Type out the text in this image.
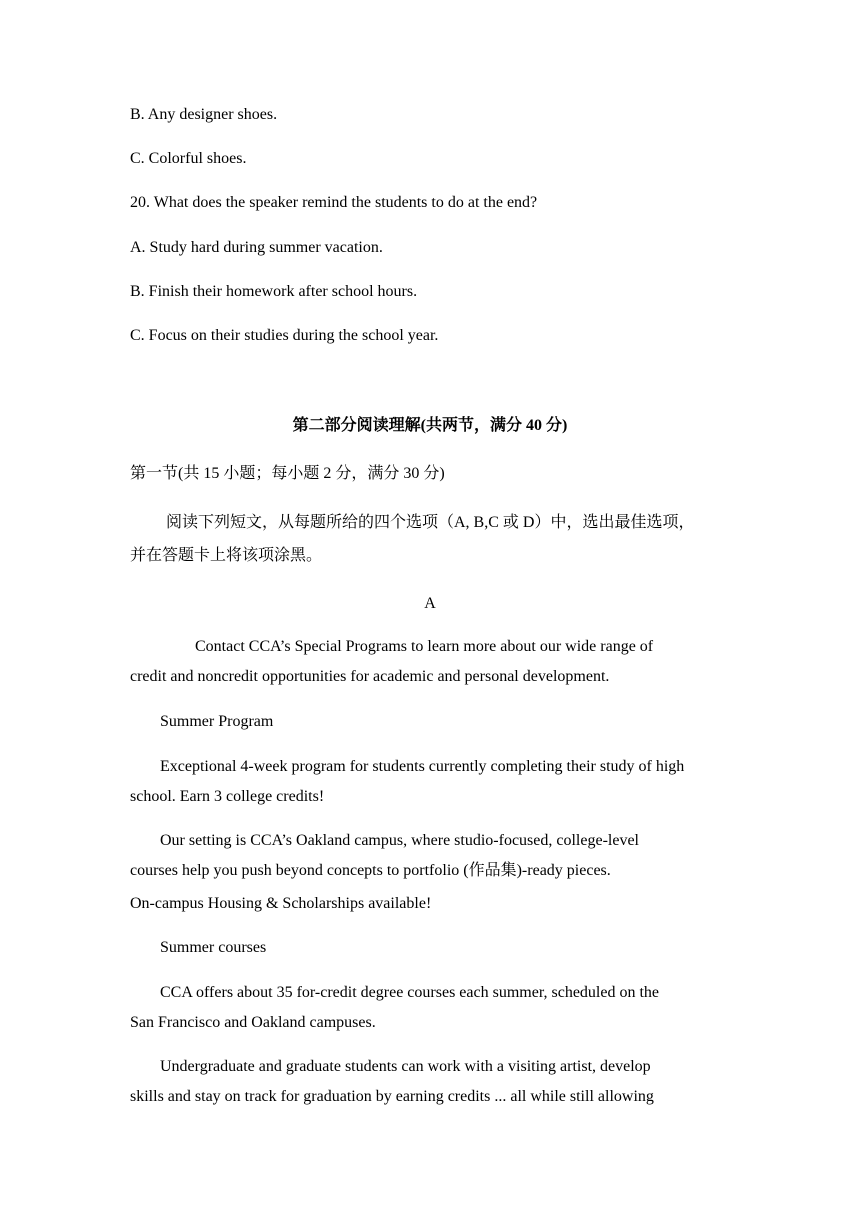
B. Any designer shoes.
C. Colorful shoes.
20. What does the speaker remind the students to do at the end?
A. Study hard during summer vacation.
B. Finish their homework after school hours.
C. Focus on their studies during the school year.
第二部分阅读理解(共两节，满分 40 分)
第一节(共 15 小题；每小题 2 分，满分 30 分)
阅读下列短文，从每题所给的四个选项（A, B,C 或 D）中，选出最佳选项，
并在答题卡上将该项涂黑。
A
Contact CCA’s Special Programs to learn more about our wide range of
credit and noncredit opportunities for academic and personal development.
Summer Program
Exceptional 4-week program for students currently completing their study of high
school. Earn 3 college credits!
Our setting is CCA’s Oakland campus, where studio-focused, college-level
courses help you push beyond concepts to portfolio (作品集)-ready pieces.
On-campus Housing & Scholarships available!
Summer courses
CCA offers about 35 for-credit degree courses each summer, scheduled on the
San Francisco and Oakland campuses.
Undergraduate and graduate students can work with a visiting artist, develop
skills and stay on track for graduation by earning credits ... all while still allowing
